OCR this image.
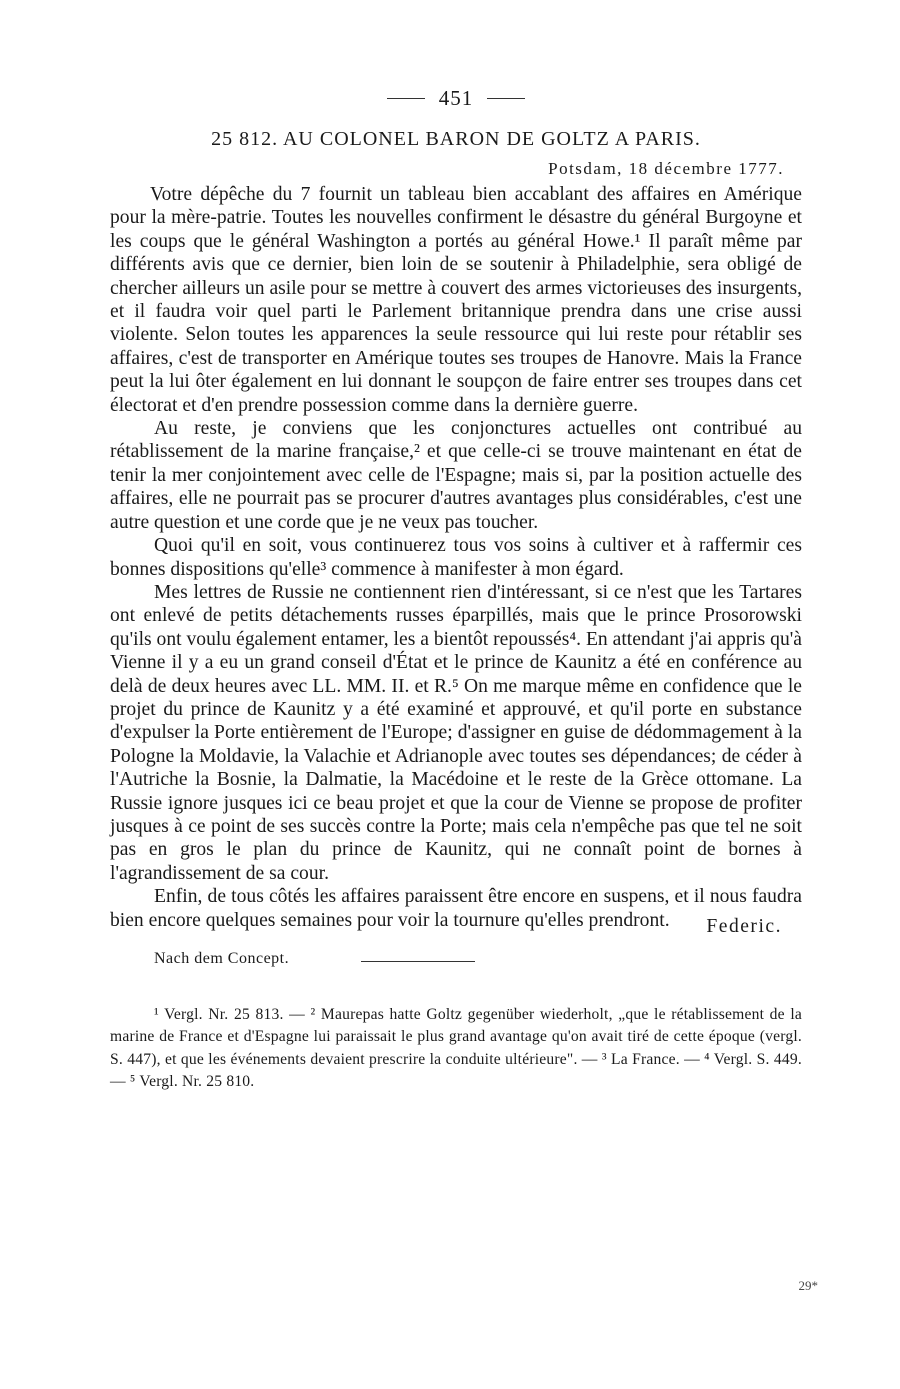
451
25 812. AU COLONEL BARON DE GOLTZ A PARIS.
Potsdam, 18 décembre 1777.

Votre dépêche du 7 fournit un tableau bien accablant des affaires en Amérique pour la mère-patrie. Toutes les nouvelles confirment le désastre du général Burgoyne et les coups que le général Washington a portés au général Howe.¹ Il paraît même par différents avis que ce dernier, bien loin de se soutenir à Philadelphie, sera obligé de chercher ailleurs un asile pour se mettre à couvert des armes victorieuses des insurgents, et il faudra voir quel parti le Parlement britannique prendra dans une crise aussi violente. Selon toutes les apparences la seule ressource qui lui reste pour rétablir ses affaires, c'est de transporter en Amérique toutes ses troupes de Hanovre. Mais la France peut la lui ôter également en lui donnant le soupçon de faire entrer ses troupes dans cet électorat et d'en prendre possession comme dans la dernière guerre.

Au reste, je conviens que les conjonctures actuelles ont contribué au rétablissement de la marine française,² et que celle-ci se trouve maintenant en état de tenir la mer conjointement avec celle de l'Espagne; mais si, par la position actuelle des affaires, elle ne pourrait pas se procurer d'autres avantages plus considérables, c'est une autre question et une corde que je ne veux pas toucher.

Quoi qu'il en soit, vous continuerez tous vos soins à cultiver et à raffermir ces bonnes dispositions qu'elle³ commence à manifester à mon égard.

Mes lettres de Russie ne contiennent rien d'intéressant, si ce n'est que les Tartares ont enlevé de petits détachements russes éparpillés, mais que le prince Prosorowski qu'ils ont voulu également entamer, les a bientôt repoussés⁴. En attendant j'ai appris qu'à Vienne il y a eu un grand conseil d'État et le prince de Kaunitz a été en conférence au delà de deux heures avec LL. MM. II. et R.⁵ On me marque même en confidence que le projet du prince de Kaunitz y a été examiné et approuvé, et qu'il porte en substance d'expulser la Porte entièrement de l'Europe; d'assigner en guise de dédommagement à la Pologne la Moldavie, la Valachie et Adrianople avec toutes ses dépendances; de céder à l'Autriche la Bosnie, la Dalmatie, la Macédoine et le reste de la Grèce ottomane. La Russie ignore jusques ici ce beau projet et que la cour de Vienne se propose de profiter jusques à ce point de ses succès contre la Porte; mais cela n'empêche pas que tel ne soit pas en gros le plan du prince de Kaunitz, qui ne connaît point de bornes à l'agrandissement de sa cour.

Enfin, de tous côtés les affaires paraissent être encore en suspens, et il nous faudra bien encore quelques semaines pour voir la tournure qu'elles prendront.	Federic.
Nach dem Concept.
¹ Vergl. Nr. 25 813. — ² Maurepas hatte Goltz gegenüber wiederholt, „que le rétablissement de la marine de France et d'Espagne lui paraissait le plus grand avantage qu'on avait tiré de cette époque (vergl. S. 447), et que les événements devaient prescrire la conduite ultérieure". — ³ La France. — ⁴ Vergl. S. 449. — ⁵ Vergl. Nr. 25 810.
29*
